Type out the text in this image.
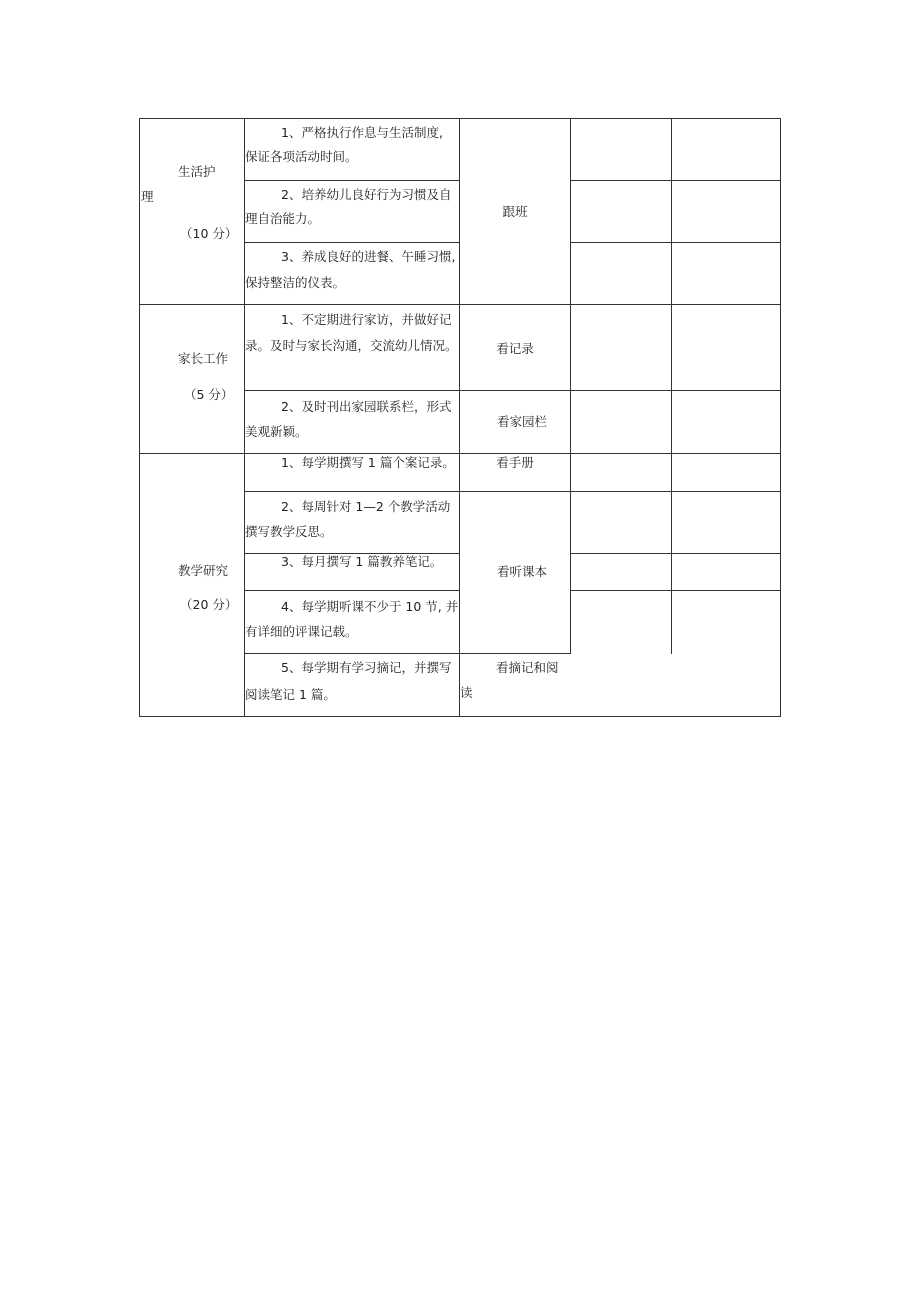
生活护
理
（10 分）
1、严格执行作息与生活制度,
保证各项活动时间。
2、培养幼儿良好行为习惯及自
理自治能力。
3、养成良好的进餐、午睡习惯,
保持整洁的仪表。
跟班
家长工作
（5 分）
1、不定期进行家访，并做好记
录。及时与家长沟通，交流幼儿情况。
2、及时刊出家园联系栏，形式
美观新颖。
看记录
看家园栏
教学研究
（20 分）
1、每学期撰写 1 篇个案记录。
2、每周针对 1—2 个教学活动
撰写教学反思。
3、每月撰写 1 篇教养笔记。
4、每学期听课不少于 10 节, 并
有详细的评课记载。
5、每学期有学习摘记，并撰写
阅读笔记 1 篇。
看手册
看听课本
看摘记和阅
读
